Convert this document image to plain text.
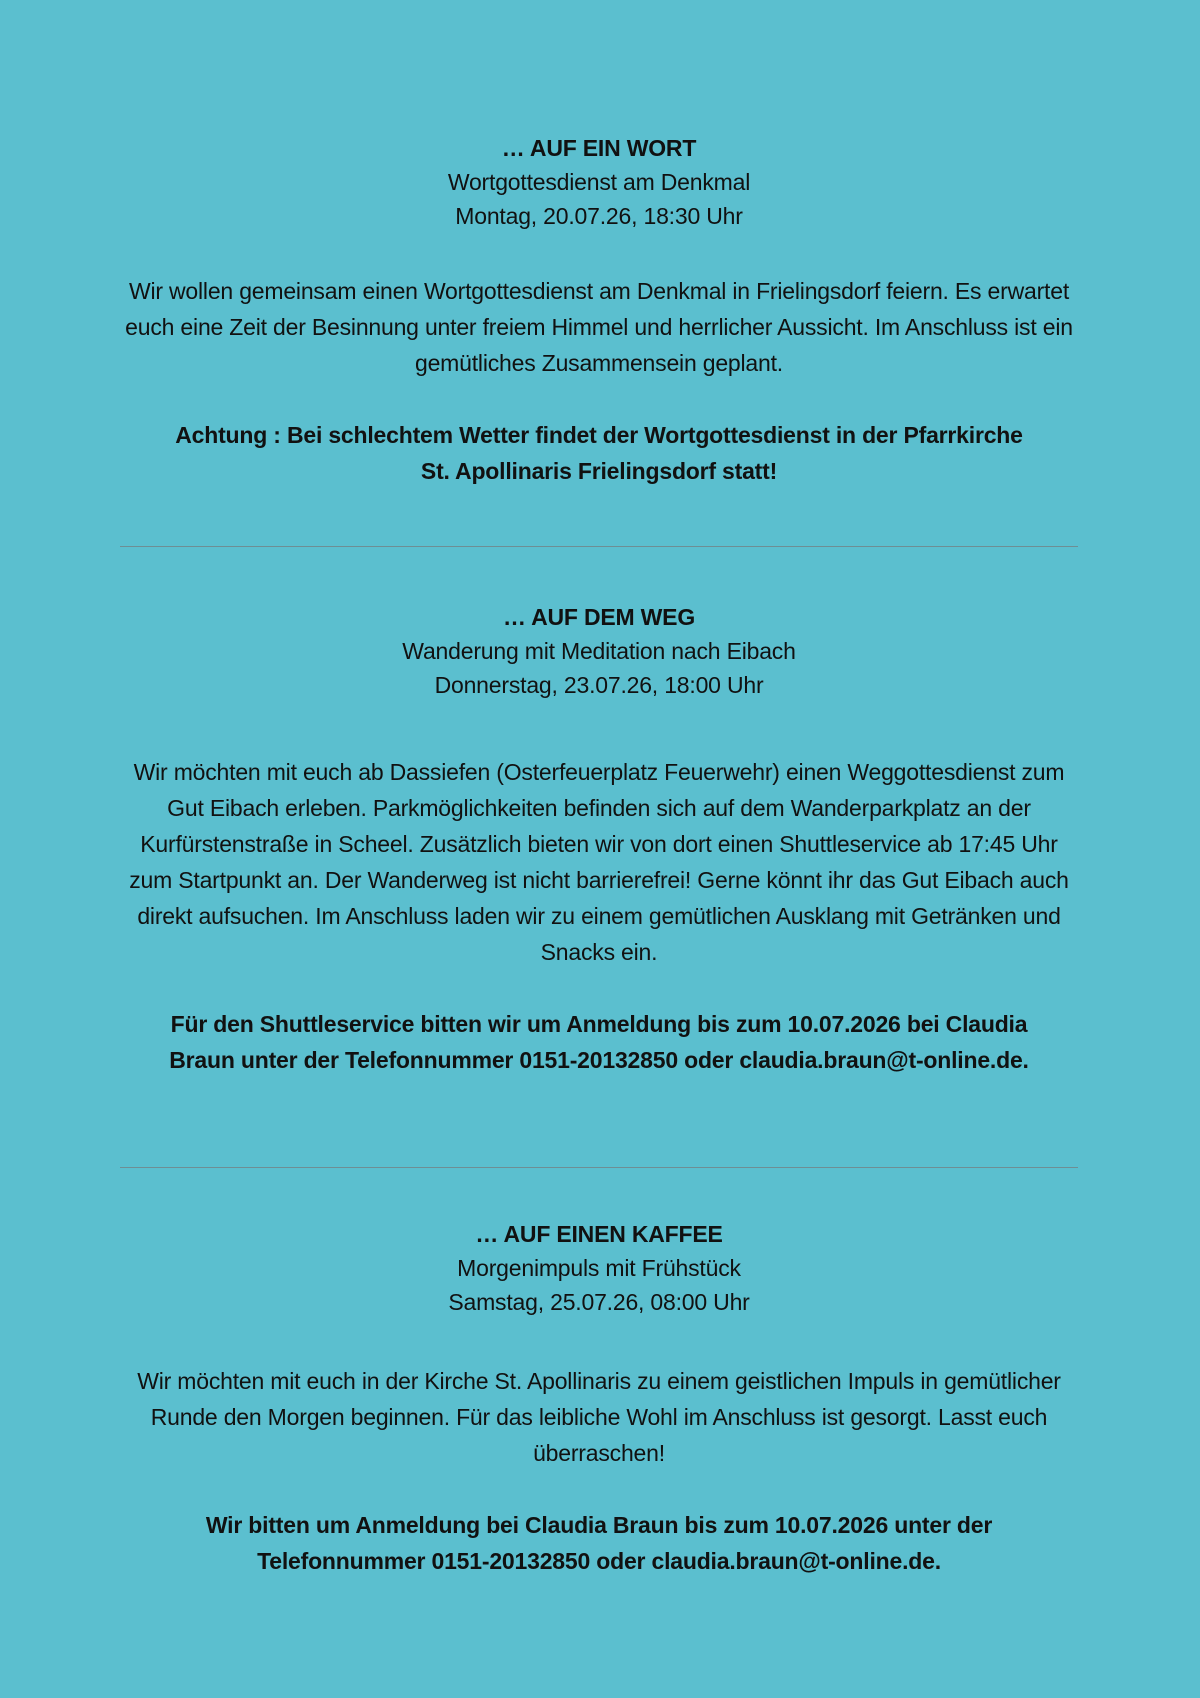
… AUF EIN WORT
Wortgottesdienst am Denkmal
Montag, 20.07.26, 18:30 Uhr
Wir wollen gemeinsam einen Wortgottesdienst am Denkmal in Frielingsdorf feiern. Es erwartet euch eine Zeit der Besinnung unter freiem Himmel und herrlicher Aussicht. Im Anschluss ist ein gemütliches Zusammensein geplant.
Achtung : Bei schlechtem Wetter findet der Wortgottesdienst in der Pfarrkirche St. Apollinaris Frielingsdorf statt!
… AUF DEM WEG
Wanderung mit Meditation nach Eibach
Donnerstag, 23.07.26, 18:00 Uhr
Wir möchten mit euch ab Dassiefen (Osterfeuerplatz Feuerwehr) einen Weggottesdienst zum Gut Eibach erleben. Parkmöglichkeiten befinden sich auf dem Wanderparkplatz an der Kurfürstenstraße in Scheel. Zusätzlich bieten wir von dort einen Shuttleservice ab 17:45 Uhr zum Startpunkt an. Der Wanderweg ist nicht barrierefrei! Gerne könnt ihr das Gut Eibach auch direkt aufsuchen. Im Anschluss laden wir zu einem gemütlichen Ausklang mit Getränken und Snacks ein.
Für den Shuttleservice bitten wir um Anmeldung bis zum 10.07.2026 bei Claudia Braun unter der Telefonnummer 0151-20132850 oder claudia.braun@t-online.de.
… AUF EINEN KAFFEE
Morgenimpuls mit Frühstück
Samstag, 25.07.26, 08:00 Uhr
Wir möchten mit euch in der Kirche St. Apollinaris zu einem geistlichen Impuls in gemütlicher Runde den Morgen beginnen. Für das leibliche Wohl im Anschluss ist gesorgt. Lasst euch überraschen!
Wir bitten um Anmeldung bei Claudia Braun bis zum 10.07.2026 unter der Telefonnummer 0151-20132850 oder claudia.braun@t-online.de.
